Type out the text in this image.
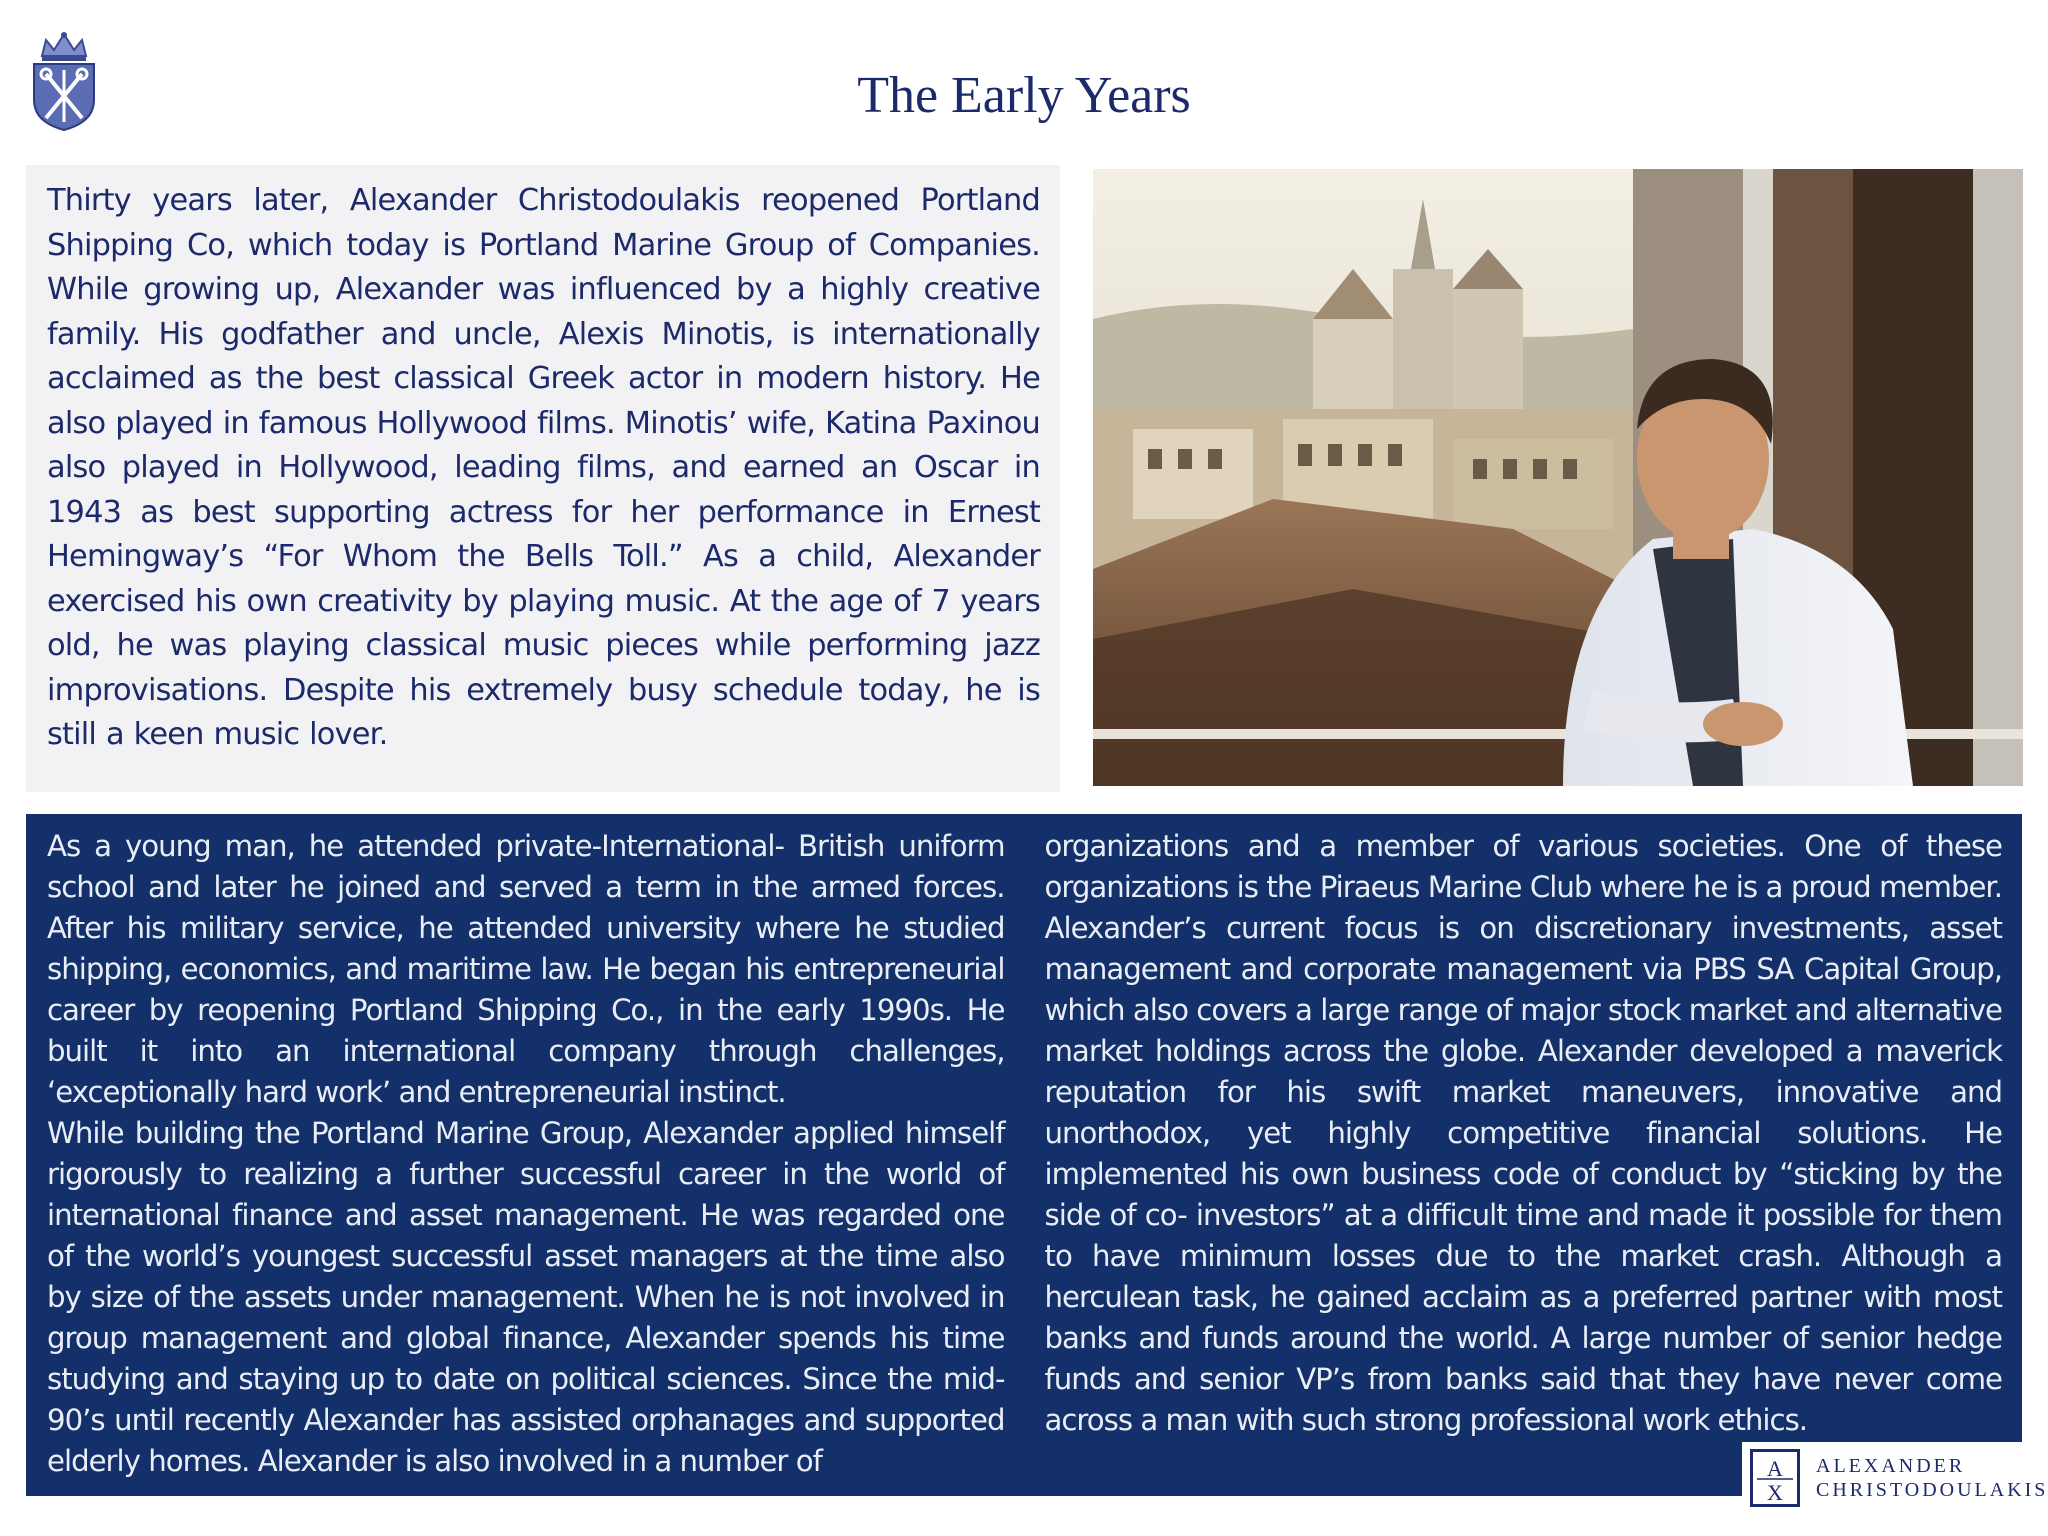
The Early Years

Thirty years later, Alexander Christodoulakis reopened Portland Shipping Co, which today is Portland Marine Group of Companies. While growing up, Alexander was influenced by a highly creative family. His godfather and uncle, Alexis Minotis, is internationally acclaimed as the best classical Greek actor in modern history. He also played in famous Hollywood films. Minotis’ wife, Katina Paxinou also played in Hollywood, leading films, and earned an Oscar in 1943 as best supporting actress for her performance in Ernest Hemingway’s “For Whom the Bells Toll.” As a child, Alexander exercised his own creativity by playing music. At the age of 7 years old, he was playing classical music pieces while performing jazz improvisations. Despite his extremely busy schedule today, he is still a keen music lover.

As a young man, he attended private-International- British uniform school and later he joined and served a term in the armed forces. After his military service, he attended university where he studied shipping, economics, and maritime law. He began his entrepreneurial career by reopening Portland Shipping Co., in the early 1990s. He built it into an international company through challenges, ‘exceptionally hard work’ and entrepreneurial instinct.

While building the Portland Marine Group, Alexander applied himself rigorously to realizing a further successful career in the world of international finance and asset management. He was regarded one of the world’s youngest successful asset managers at the time also by size of the assets under management. When he is not involved in group management and global finance, Alexander spends his time studying and staying up to date on political sciences. Since the mid-90’s until recently Alexander has assisted orphanages and supported elderly homes. Alexander is also involved in a number of

organizations and a member of various societies. One of these organizations is the Piraeus Marine Club where he is a proud member. Alexander’s current focus is on discretionary investments, asset management and corporate management via PBS SA Capital Group, which also covers a large range of major stock market and alternative market holdings across the globe. Alexander developed a maverick reputation for his swift market maneuvers, innovative and unorthodox, yet highly competitive financial solutions. He implemented his own business code of conduct by “sticking by the side of co- investors” at a difficult time and made it possible for them to have minimum losses due to the market crash. Although a herculean task, he gained acclaim as a preferred partner with most banks and funds around the world. A large number of senior hedge funds and senior VP’s from banks said that they have never come across a man with such strong professional work ethics.

A
X
ALEXANDER
CHRISTODOULAKIS
